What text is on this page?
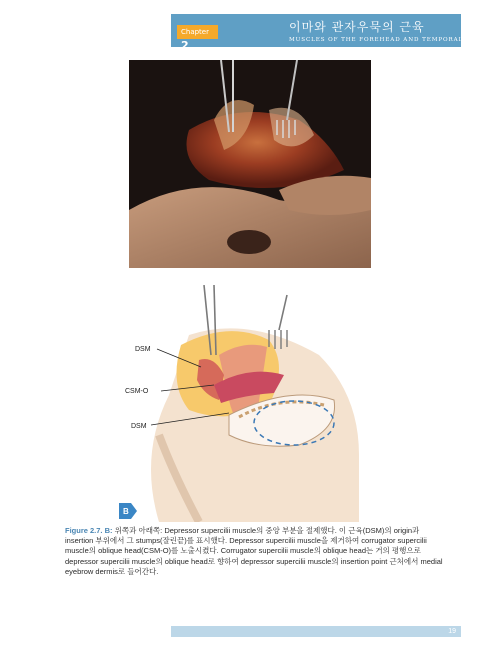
Chapter 2
이마와 관자우묵의 근육
MUSCLES OF THE FOREHEAD AND TEMPORAL FOSSA
DSM
CSM-O
DSM
B
Figure 2.7. B: 위쪽과 아래쪽: Depressor supercilii muscle의 중앙 부분을 절제했다. 이 근육(DSM)의 origin과 insertion 부위에서 그 stumps(잘린끝)를 표시했다. Depressor supercilii muscle을 제거하여 corrugator supercilii muscle의 oblique head(CSM-O)를 노출시켰다. Corrugator supercilii muscle의 oblique head는 거의 평행으로 depressor supercilii muscle의 oblique head로 향하여 depressor supercilii muscle의 insertion point 근처에서 medial eyebrow dermis로 들어간다.
19
